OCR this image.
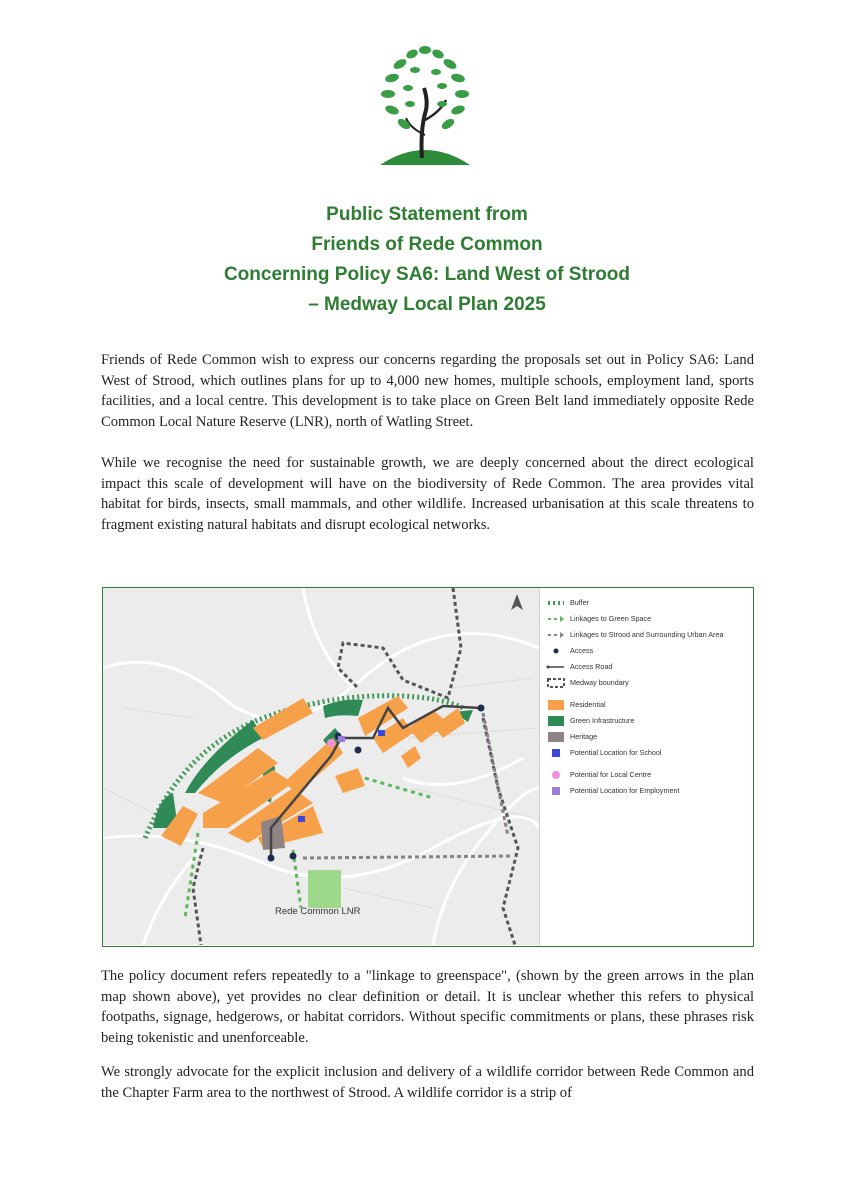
Public Statement from
Friends of Rede Common
Concerning Policy SA6: Land West of Strood
– Medway Local Plan 2025

Friends of Rede Common wish to express our concerns regarding the proposals set out in Policy SA6: Land West of Strood, which outlines plans for up to 4,000 new homes, multiple schools, employment land, sports facilities, and a local centre. This development is to take place on Green Belt land immediately opposite Rede Common Local Nature Reserve (LNR), north of Watling Street.

While we recognise the need for sustainable growth, we are deeply concerned about the direct ecological impact this scale of development will have on the biodiversity of Rede Common. The area provides vital habitat for birds, insects, small mammals, and other wildlife. Increased urbanisation at this scale threatens to fragment existing natural habitats and disrupt ecological networks.

Rede Common LNR
Buffer
Linkages to Green Space
Linkages to Strood and Surrounding Urban Area
Access
Access Road
Medway boundary
Residential
Green Infrastructure
Heritage
Potential Location for School
Potential for Local Centre
Potential Location for Employment

The policy document refers repeatedly to a "linkage to greenspace", (shown by the green arrows in the plan map shown above), yet provides no clear definition or detail. It is unclear whether this refers to physical footpaths, signage, hedgerows, or habitat corridors. Without specific commitments or plans, these phrases risk being tokenistic and unenforceable.

We strongly advocate for the explicit inclusion and delivery of a wildlife corridor between Rede Common and the Chapter Farm area to the northwest of Strood. A wildlife corridor is a strip of
